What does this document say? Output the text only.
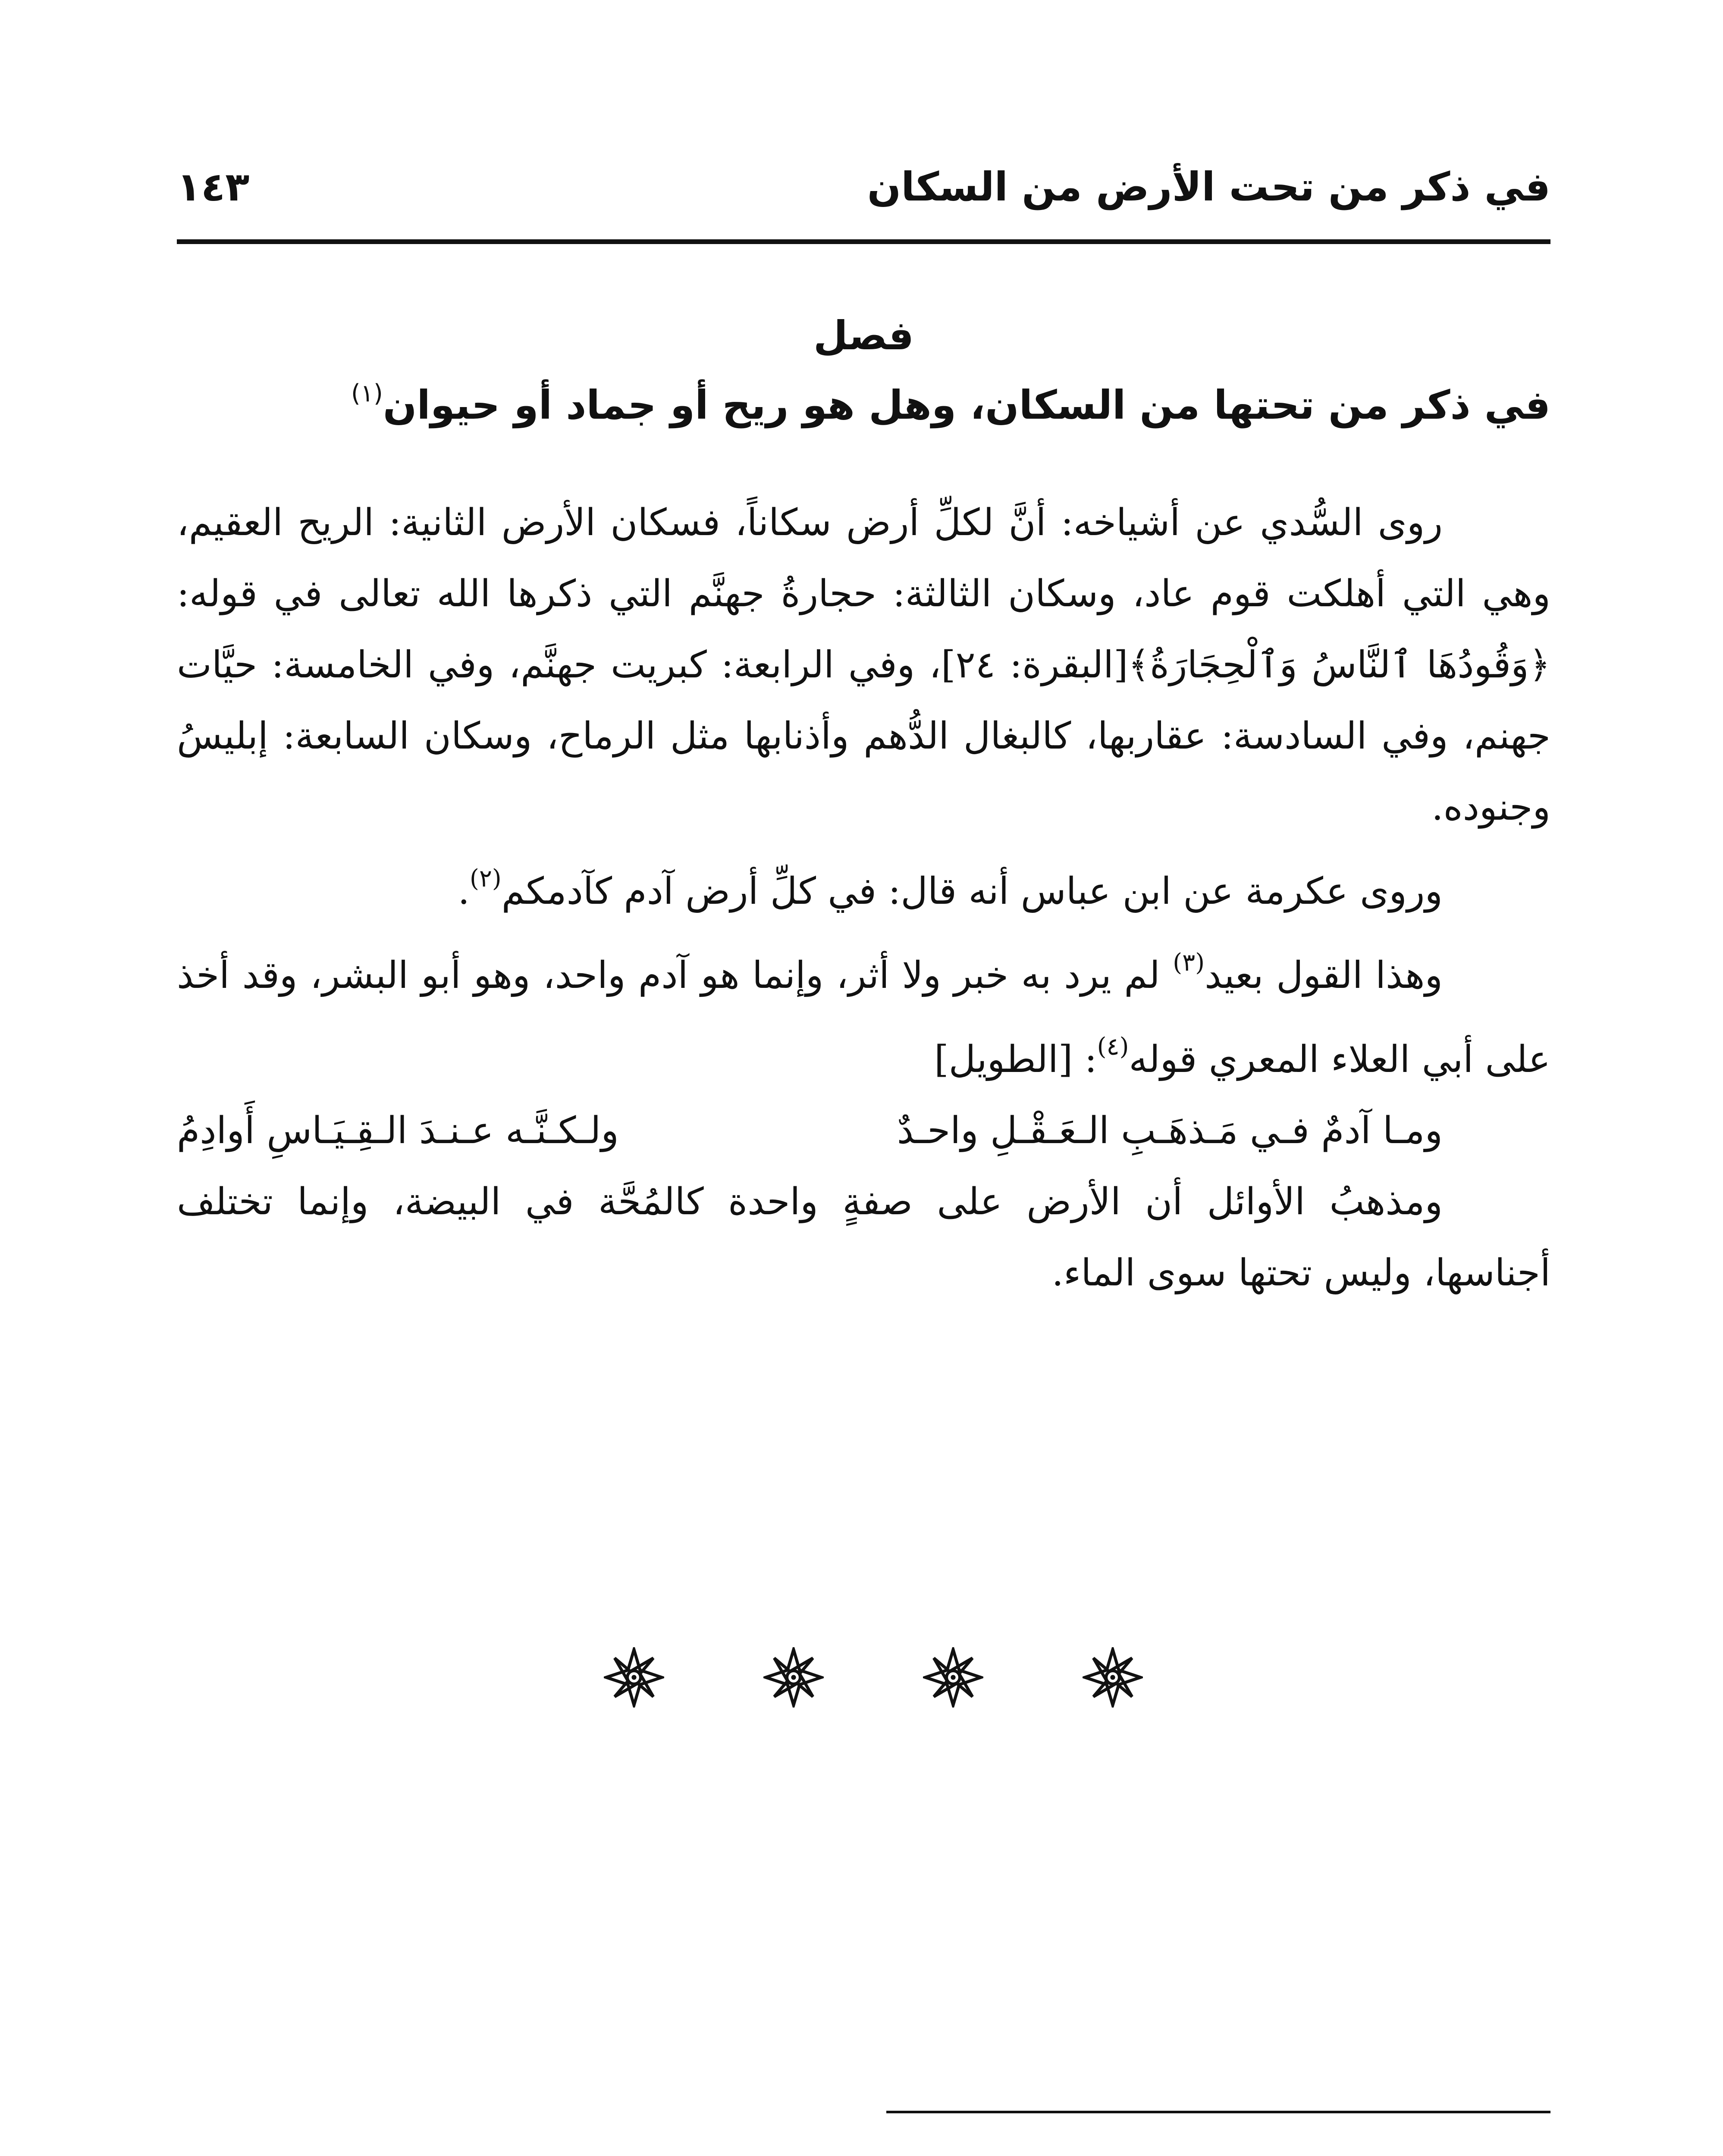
في ذكر من تحت الأرض من السكان
١٤٣
فصل
في ذكر من تحتها من السكان، وهل هو ريح أو جماد أو حيوان$^{(١)}$

روى السُّدي عن أشياخه: أنَّ لكلِّ أرض سكاناً، فسكان الأرض الثانية: الريح العقيم، وهي التي أهلكت قوم عاد، وسكان الثالثة: حجارةُ جهنَّم التي ذكرها الله تعالى في قوله: ﴿وَقُودُهَا ٱلنَّاسُ وَٱلْحِجَارَةُ﴾[البقرة: ٢٤]، وفي الرابعة: كبريت جهنَّم، وفي الخامسة: حيَّات جهنم، وفي السادسة: عقاربها، كالبغال الدُّهم وأذنابها مثل الرماح، وسكان السابعة: إبليسُ وجنوده.

وروى عكرمة عن ابن عباس أنه قال: في كلِّ أرض آدم كآدمكم$^{(٢)}$.

وهذا القول بعيد$^{(٣)}$ لم يرد به خبر ولا أثر، وإنما هو آدم واحد، وهو أبو البشر، وقد أخذ على أبي العلاء المعري قوله$^{(٤)}$: [الطويل]

ومـا آدمٌ فـي مَـذهَـبِ الـعَـقْـلِ واحـدٌ
ولـكـنَّـه عـنـدَ الـقِـيَـاسِ أَوادِمُ

ومذهبُ الأوائل أن الأرض على صفةٍ واحدة كالمُحَّة في البيضة، وإنما تختلف أجناسها، وليس تحتها سوى الماء.
